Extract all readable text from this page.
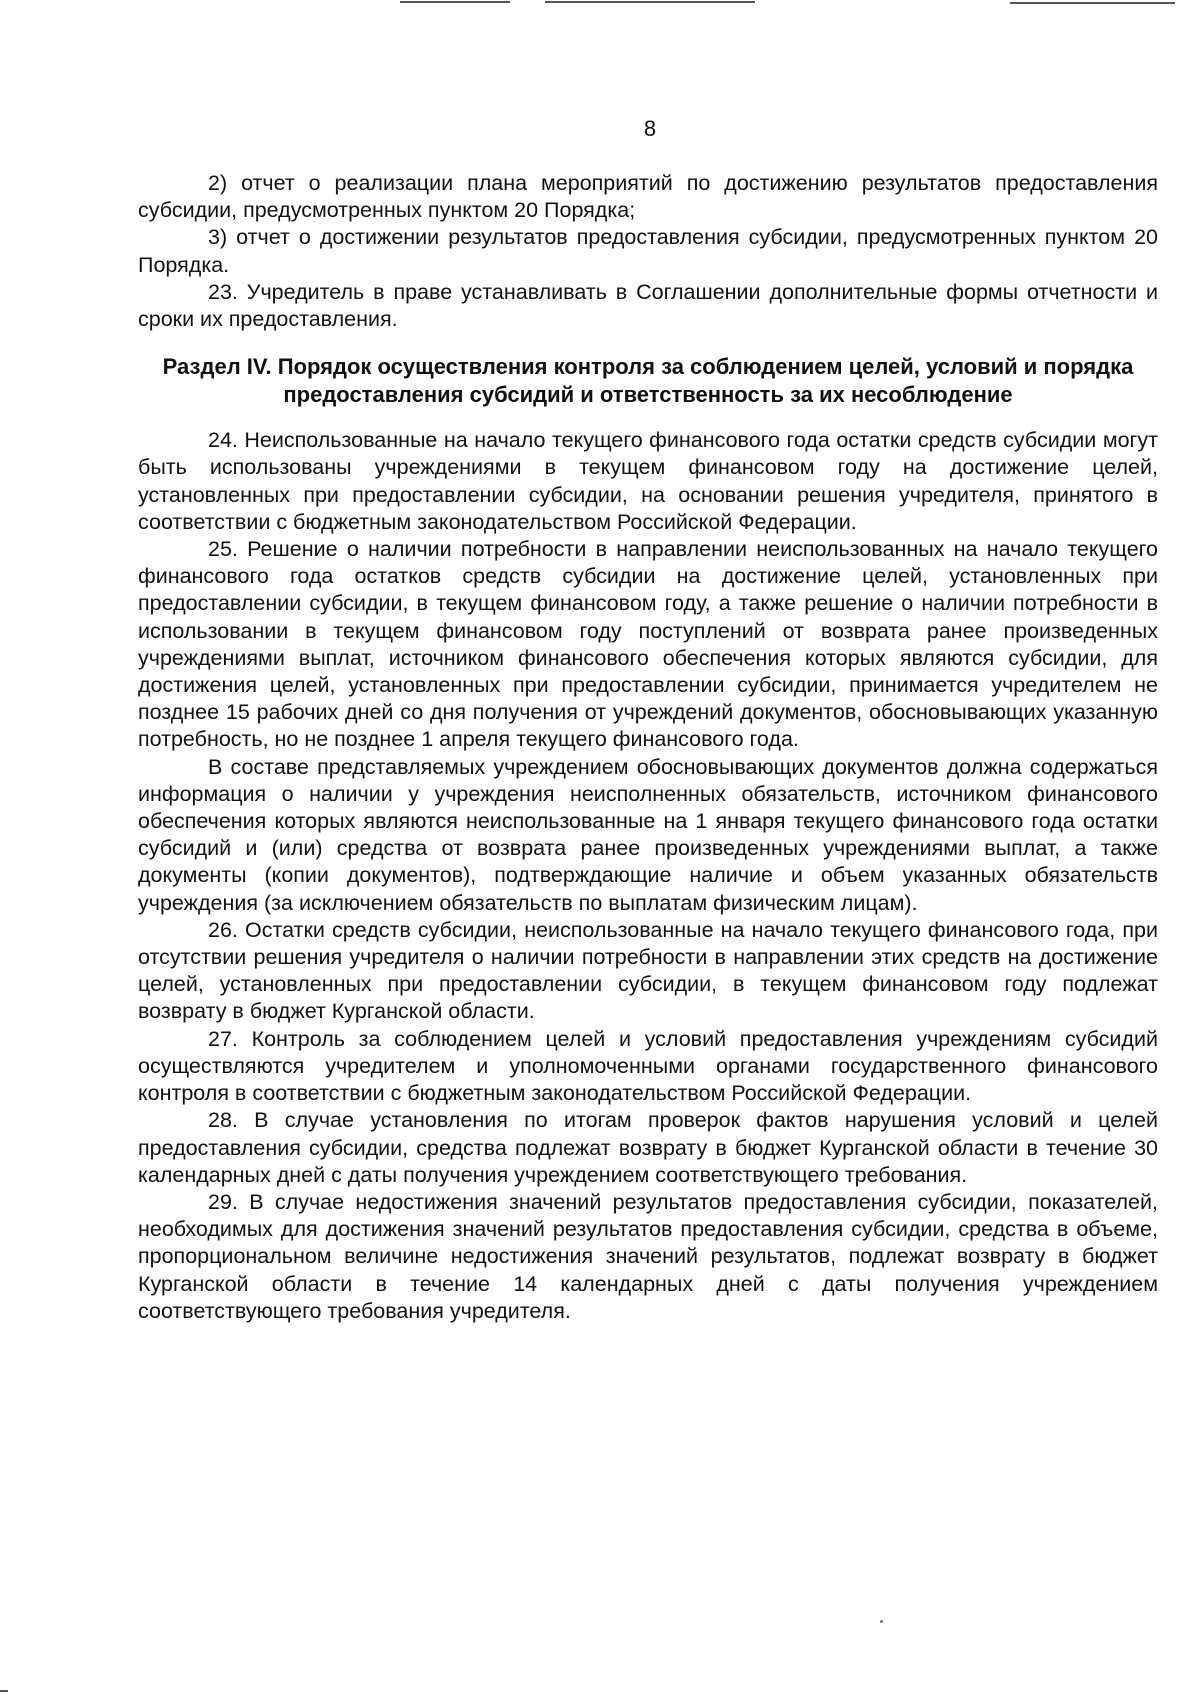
8

2) отчет о реализации плана мероприятий по достижению результатов предоставления субсидии, предусмотренных пунктом 20 Порядка;

3) отчет о достижении результатов предоставления субсидии, предусмотренных пунктом 20 Порядка.

23. Учредитель в праве устанавливать в Соглашении дополнительные формы отчетности и сроки их предоставления.

Раздел IV. Порядок осуществления контроля за соблюдением целей, условий и порядка предоставления субсидий и ответственность за их несоблюдение

24. Неиспользованные на начало текущего финансового года остатки средств субсидии могут быть использованы учреждениями в текущем финансовом году на достижение целей, установленных при предоставлении субсидии, на основании решения учредителя, принятого в соответствии с бюджетным законодательством Российской Федерации.

25. Решение о наличии потребности в направлении неиспользованных на начало текущего финансового года остатков средств субсидии на достижение целей, установленных при предоставлении субсидии, в текущем финансовом году, а также решение о наличии потребности в использовании в текущем финансовом году поступлений от возврата ранее произведенных учреждениями выплат, источником финансового обеспечения которых являются субсидии, для достижения целей, установленных при предоставлении субсидии, принимается учредителем не позднее 15 рабочих дней со дня получения от учреждений документов, обосновывающих указанную потребность, но не позднее 1 апреля текущего финансового года.

В составе представляемых учреждением обосновывающих документов должна содержаться информация о наличии у учреждения неисполненных обязательств, источником финансового обеспечения которых являются неиспользованные на 1 января текущего финансового года остатки субсидий и (или) средства от возврата ранее произведенных учреждениями выплат, а также документы (копии документов), подтверждающие наличие и объем указанных обязательств учреждения (за исключением обязательств по выплатам физическим лицам).

26. Остатки средств субсидии, неиспользованные на начало текущего финансового года, при отсутствии решения учредителя о наличии потребности в направлении этих средств на достижение целей, установленных при предоставлении субсидии, в текущем финансовом году подлежат возврату в бюджет Курганской области.

27. Контроль за соблюдением целей и условий предоставления учреждениям субсидий осуществляются учредителем и уполномоченными органами государственного финансового контроля в соответствии с бюджетным законодательством Российской Федерации.

28. В случае установления по итогам проверок фактов нарушения условий и целей предоставления субсидии, средства подлежат возврату в бюджет Курганской области в течение 30 календарных дней с даты получения учреждением соответствующего требования.

29. В случае недостижения значений результатов предоставления субсидии, показателей, необходимых для достижения значений результатов предоставления субсидии, средства в объеме, пропорциональном величине недостижения значений результатов, подлежат возврату в бюджет Курганской области в течение 14 календарных дней с даты получения учреждением соответствующего требования учредителя.
